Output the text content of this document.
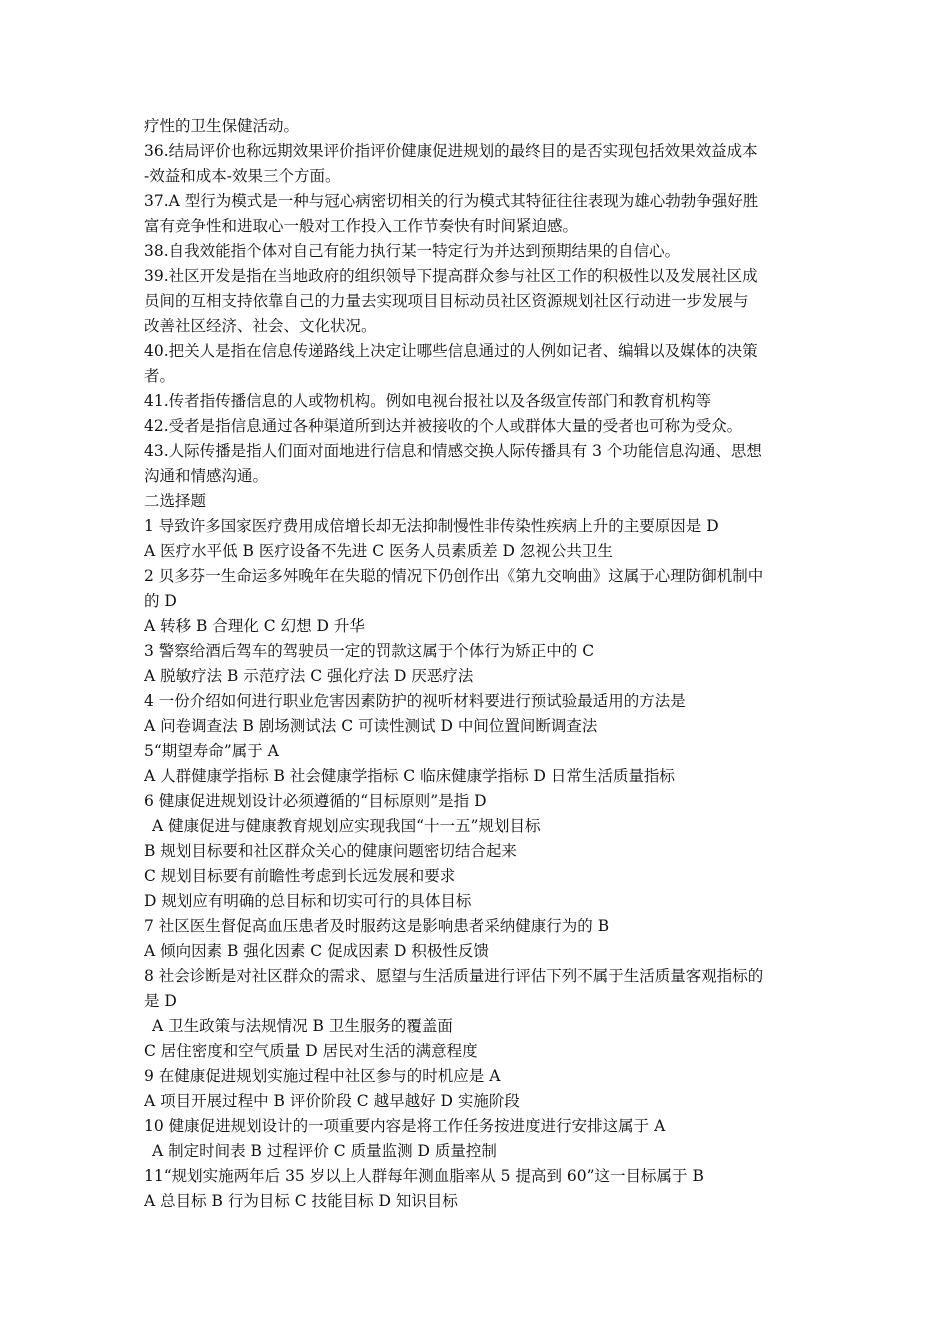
疗性的卫生保健活动。
36.结局评价也称远期效果评价指评价健康促进规划的最终目的是否实现包括效果效益成本
-效益和成本-效果三个方面。
37.A 型行为模式是一种与冠心病密切相关的行为模式其特征往往表现为雄心勃勃争强好胜
富有竞争性和进取心一般对工作投入工作节奏快有时间紧迫感。
38.自我效能指个体对自己有能力执行某一特定行为并达到预期结果的自信心。
39.社区开发是指在当地政府的组织领导下提高群众参与社区工作的积极性以及发展社区成
员间的互相支持依靠自己的力量去实现项目目标动员社区资源规划社区行动进一步发展与
改善社区经济、社会、文化状况。
40.把关人是指在信息传递路线上决定让哪些信息通过的人例如记者、编辑以及媒体的决策
者。
41.传者指传播信息的人或物机构。例如电视台报社以及各级宣传部门和教育机构等
42.受者是指信息通过各种渠道所到达并被接收的个人或群体大量的受者也可称为受众。
43.人际传播是指人们面对面地进行信息和情感交换人际传播具有 3 个功能信息沟通、思想
沟通和情感沟通。
二选择题
1 导致许多国家医疗费用成倍增长却无法抑制慢性非传染性疾病上升的主要原因是 D
A 医疗水平低 B 医疗设备不先进 C 医务人员素质差 D 忽视公共卫生
2 贝多芬一生命运多舛晚年在失聪的情况下仍创作出《第九交响曲》这属于心理防御机制中
的 D
A 转移 B 合理化 C 幻想 D 升华
3 警察给酒后驾车的驾驶员一定的罚款这属于个体行为矫正中的 C
A 脱敏疗法 B 示范疗法 C 强化疗法 D 厌恶疗法
4 一份介绍如何进行职业危害因素防护的视听材料要进行预试验最适用的方法是
A 问卷调查法 B 剧场测试法 C 可读性测试 D 中间位置间断调查法
5“期望寿命”属于 A
A 人群健康学指标 B 社会健康学指标 C 临床健康学指标 D 日常生活质量指标
6 健康促进规划设计必须遵循的“目标原则”是指 D
A 健康促进与健康教育规划应实现我国“十一五”规划目标
B 规划目标要和社区群众关心的健康问题密切结合起来
C 规划目标要有前瞻性考虑到长远发展和要求
D 规划应有明确的总目标和切实可行的具体目标
7 社区医生督促高血压患者及时服药这是影响患者采纳健康行为的 B
A 倾向因素 B 强化因素 C 促成因素 D 积极性反馈
8 社会诊断是对社区群众的需求、愿望与生活质量进行评估下列不属于生活质量客观指标的
是 D
A 卫生政策与法规情况 B 卫生服务的覆盖面
C 居住密度和空气质量 D 居民对生活的满意程度
9 在健康促进规划实施过程中社区参与的时机应是 A
A 项目开展过程中 B 评价阶段 C 越早越好 D 实施阶段
10 健康促进规划设计的一项重要内容是将工作任务按进度进行安排这属于 A
A 制定时间表 B 过程评价 C 质量监测 D 质量控制
11“规划实施两年后 35 岁以上人群每年测血脂率从 5 提高到 60”这一目标属于 B
A 总目标 B 行为目标 C 技能目标 D 知识目标
